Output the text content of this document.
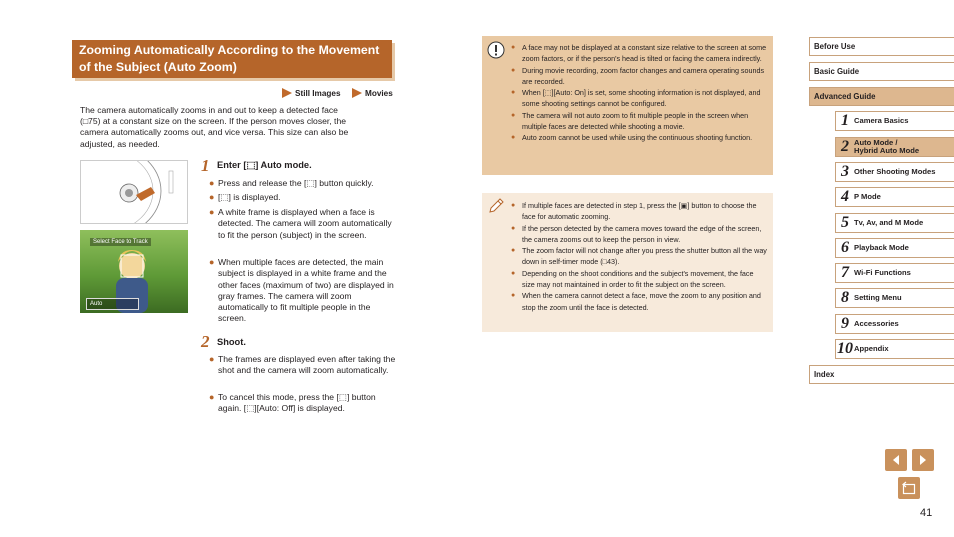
Zooming Automatically According to the Movement
of the Subject (Auto Zoom)
Still Images	Movies

The camera automatically zooms in and out to keep a detected face

(□75) at a constant size on the screen. If the person moves closer, the

camera automatically zooms out, and vice versa. This size can also be

adjusted, as needed.

Select Face to Track
Auto
1 Enter [⬚] Auto mode.
● Press and release the [⬚] button quickly.
● [⬚] is displayed.
● A white frame is displayed when a face is detected. The camera will zoom automatically to fit the person (subject) in the screen.
● When multiple faces are detected, the main subject is displayed in a white frame and the other faces (maximum of two) are displayed in gray frames. The camera will zoom automatically to fit multiple people in the screen.
2 Shoot.
● The frames are displayed even after taking the shot and the camera will zoom automatically.
● To cancel this mode, press the [⬚] button again. [⬚][Auto: Off] is displayed.
● A face may not be displayed at a constant size relative to the screen at some zoom factors, or if the person's head is tilted or facing the camera indirectly.
● During movie recording, zoom factor changes and camera operating sounds are recorded.
● When [⬚][Auto: On] is set, some shooting information is not displayed, and some shooting settings cannot be configured.
● The camera will not auto zoom to fit multiple people in the screen when multiple faces are detected while shooting a movie.
● Auto zoom cannot be used while using the continuous shooting function.
● If multiple faces are detected in step 1, press the [▣] button to choose the face for automatic zooming.
● If the person detected by the camera moves toward the edge of the screen, the camera zooms out to keep the person in view.
● The zoom factor will not change after you press the shutter button all the way down in self-timer mode (□43).
● Depending on the shoot conditions and the subject's movement, the face size may not maintained in order to fit the subject on the screen.
● When the camera cannot detect a face, move the zoom to any position and stop the zoom until the face is detected.
Before Use
Basic Guide
Advanced Guide
1 Camera Basics
2 Auto Mode /
Hybrid Auto Mode
3 Other Shooting Modes
4 P Mode
5 Tv, Av, and M Mode
6 Playback Mode
7 Wi-Fi Functions
8 Setting Menu
9 Accessories
10 Appendix
Index
41
